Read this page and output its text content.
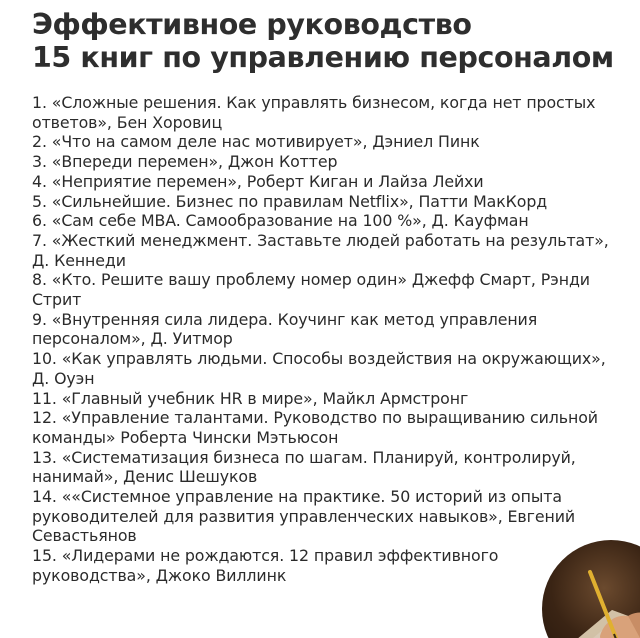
Эффективное руководство
15 книг по управлению персоналом
1. «Сложные решения. Как управлять бизнесом, когда нет простых ответов», Бен Хоровиц
2. «Что на самом деле нас мотивирует», Дэниел Пинк
3. «Впереди перемен», Джон Коттер
4. «Неприятие перемен», Роберт Киган и Лайза Лейхи
5. «Сильнейшие. Бизнес по правилам Netflix», Патти МакКорд
6. «Сам себе MBA. Самообразование на 100 %», Д. Кауфман
7. «Жесткий менеджмент. Заставьте людей работать на результат», Д. Кеннеди
8. «Кто. Решите вашу проблему номер один» Джефф Смарт, Рэнди Стрит
9. «Внутренняя сила лидера. Коучинг как метод управления персоналом», Д. Уитмор
10. «Как управлять людьми. Способы воздействия на окружающих», Д. Оуэн
11. «Главный учебник HR в мире», Майкл Армстронг
12. «Управление талантами. Руководство по выращиванию сильной команды» Роберта Чински Мэтьюсон
13. «Систематизация бизнеса по шагам. Планируй, контролируй, нанимай», Денис Шешуков
14. ««Системное управление на практике. 50 историй из опыта руководителей для развития управленческих навыков», Евгений Севастьянов
15. «Лидерами не рождаются. 12 правил эффективного руководства», Джоко Виллинк
